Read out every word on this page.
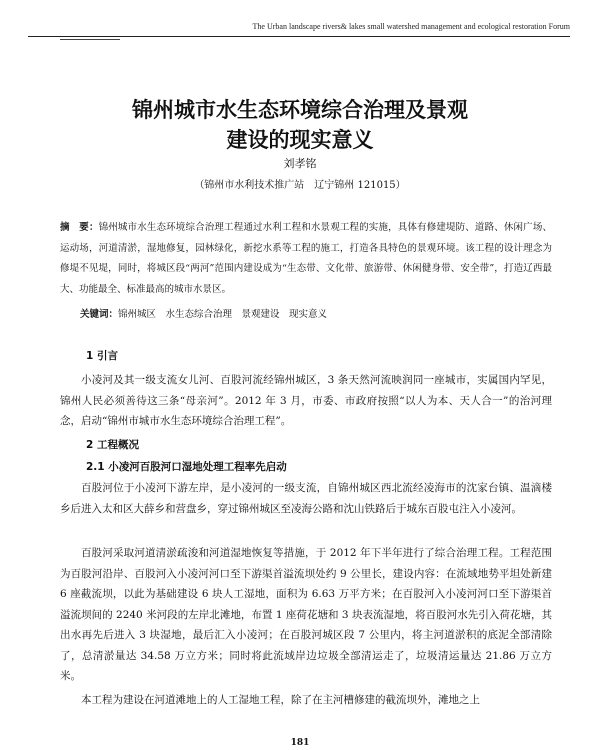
The Urban landscape rivers& lakes small watershed management and ecological restoration Forum
锦州城市水生态环境综合治理及景观
建设的现实意义
刘孝铭
（锦州市水利技术推广站　辽宁锦州 121015）
摘　要：锦州城市水生态环境综合治理工程通过水利工程和水景观工程的实施，具体有修建堤防、道路、休闲广场、运动场，河道清淤，湿地修复，园林绿化，新挖水系等工程的施工，打造各具特色的景观环境。该工程的设计理念为修堤不见堤，同时，将城区段“两河”范围内建设成为“生态带、文化带、旅游带、休闲健身带、安全带”，打造辽西最大、功能最全、标准最高的城市水景区。
关键词：锦州城区　水生态综合治理　景观建设　现实意义
1 引言
小凌河及其一级支流女儿河、百股河流经锦州城区，3 条天然河流映润同一座城市，实属国内罕见，锦州人民必须善待这三条“母亲河”。2012 年 3 月，市委、市政府按照“以人为本、天人合一”的治河理念，启动“锦州市城市水生态环境综合治理工程”。
2 工程概况
2.1 小凌河百股河口湿地处理工程率先启动
百股河位于小凌河下游左岸，是小凌河的一级支流，自锦州城区西北流经凌海市的沈家台镇、温滴楼乡后进入太和区大薛乡和营盘乡，穿过锦州城区至凌海公路和沈山铁路后于城东百股屯注入小凌河。
百股河采取河道清淤疏浚和河道湿地恢复等措施，于 2012 年下半年进行了综合治理工程。工程范围为百股河沿岸、百股河入小凌河河口至下游渠首溢流坝处约 9 公里长，建设内容：在流域地势平坦处新建 6 座截流坝，以此为基础建设 6 块人工湿地，面积为 6.63 万平方米；在百股河入小凌河河口至下游渠首溢流坝间的 2240 米河段的左岸北滩地，布置 1 座荷花塘和 3 块表流湿地，将百股河水先引入荷花塘，其出水再先后进入 3 块湿地，最后汇入小凌河；在百股河城区段 7 公里内，将主河道淤积的底泥全部清除了，总清淤量达 34.58 万立方米；同时将此流域岸边垃圾全部清运走了，垃圾清运量达 21.86 万立方米。
本工程为建设在河道滩地上的人工湿地工程，除了在主河槽修建的截流坝外，滩地之上
181
